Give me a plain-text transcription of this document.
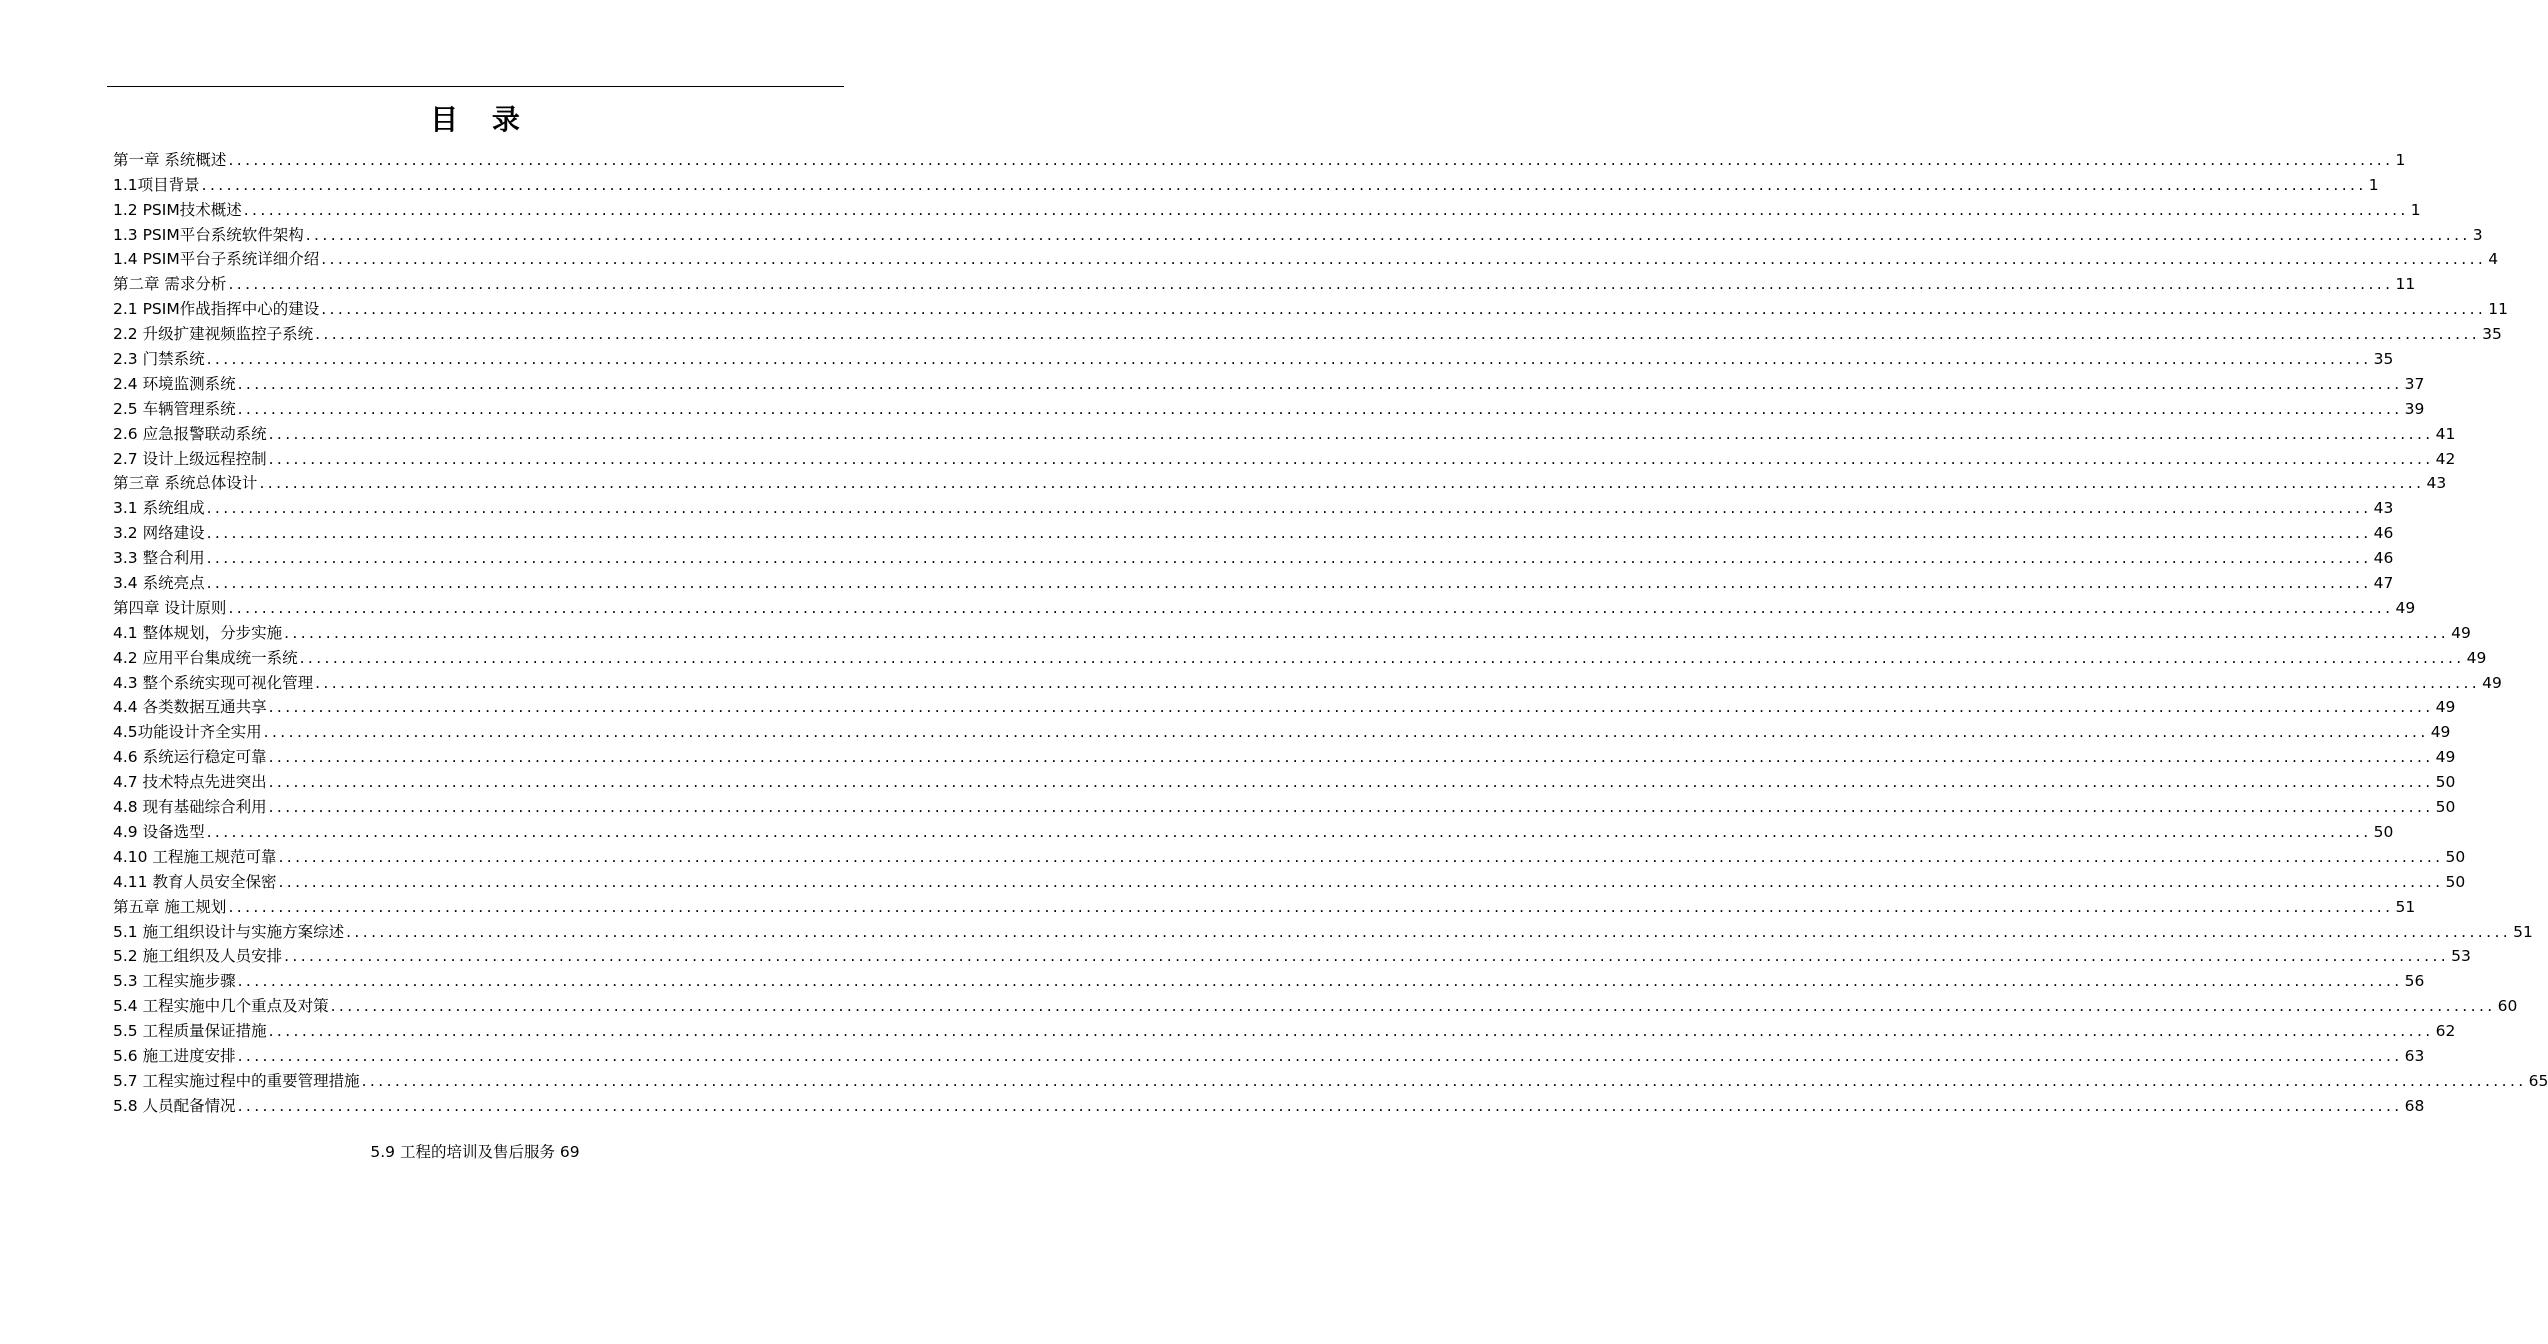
目 录
第一章 系统概述 .................................................................................................................................................................................................................................................................... 1
1.1项目背景 .................................................................................................................................................................................................................................................................... 1
1.2 PSIM技术概述 .................................................................................................................................................................................................................................................................... 1
1.3 PSIM平台系统软件架构 .................................................................................................................................................................................................................................................................... 3
1.4 PSIM平台子系统详细介绍 .................................................................................................................................................................................................................................................................... 4
第二章 需求分析 .................................................................................................................................................................................................................................................................... 11
2.1 PSIM作战指挥中心的建设 .................................................................................................................................................................................................................................................................... 11
2.2 升级扩建视频监控子系统 .................................................................................................................................................................................................................................................................... 35
2.3 门禁系统 .................................................................................................................................................................................................................................................................... 35
2.4 环境监测系统 .................................................................................................................................................................................................................................................................... 37
2.5 车辆管理系统 .................................................................................................................................................................................................................................................................... 39
2.6 应急报警联动系统 .................................................................................................................................................................................................................................................................... 41
2.7 设计上级远程控制 .................................................................................................................................................................................................................................................................... 42
第三章 系统总体设计 .................................................................................................................................................................................................................................................................... 43
3.1 系统组成 .................................................................................................................................................................................................................................................................... 43
3.2 网络建设 .................................................................................................................................................................................................................................................................... 46
3.3 整合利用 .................................................................................................................................................................................................................................................................... 46
3.4 系统亮点 .................................................................................................................................................................................................................................................................... 47
第四章 设计原则 .................................................................................................................................................................................................................................................................... 49
4.1 整体规划，分步实施 .................................................................................................................................................................................................................................................................... 49
4.2 应用平台集成统一系统 .................................................................................................................................................................................................................................................................... 49
4.3 整个系统实现可视化管理 .................................................................................................................................................................................................................................................................... 49
4.4 各类数据互通共享 .................................................................................................................................................................................................................................................................... 49
4.5功能设计齐全实用 .................................................................................................................................................................................................................................................................... 49
4.6 系统运行稳定可靠 .................................................................................................................................................................................................................................................................... 49
4.7 技术特点先进突出 .................................................................................................................................................................................................................................................................... 50
4.8 现有基础综合利用 .................................................................................................................................................................................................................................................................... 50
4.9 设备选型 .................................................................................................................................................................................................................................................................... 50
4.10 工程施工规范可靠 .................................................................................................................................................................................................................................................................... 50
4.11 教育人员安全保密 .................................................................................................................................................................................................................................................................... 50
第五章 施工规划 .................................................................................................................................................................................................................................................................... 51
5.1 施工组织设计与实施方案综述 .................................................................................................................................................................................................................................................................... 51
5.2 施工组织及人员安排 .................................................................................................................................................................................................................................................................... 53
5.3 工程实施步骤 .................................................................................................................................................................................................................................................................... 56
5.4 工程实施中几个重点及对策 .................................................................................................................................................................................................................................................................... 60
5.5 工程质量保证措施 .................................................................................................................................................................................................................................................................... 62
5.6 施工进度安排 .................................................................................................................................................................................................................................................................... 63
5.7 工程实施过程中的重要管理措施 .................................................................................................................................................................................................................................................................... 65
5.8 人员配备情况 .................................................................................................................................................................................................................................................................... 68
5.9 工程的培训及售后服务 69
